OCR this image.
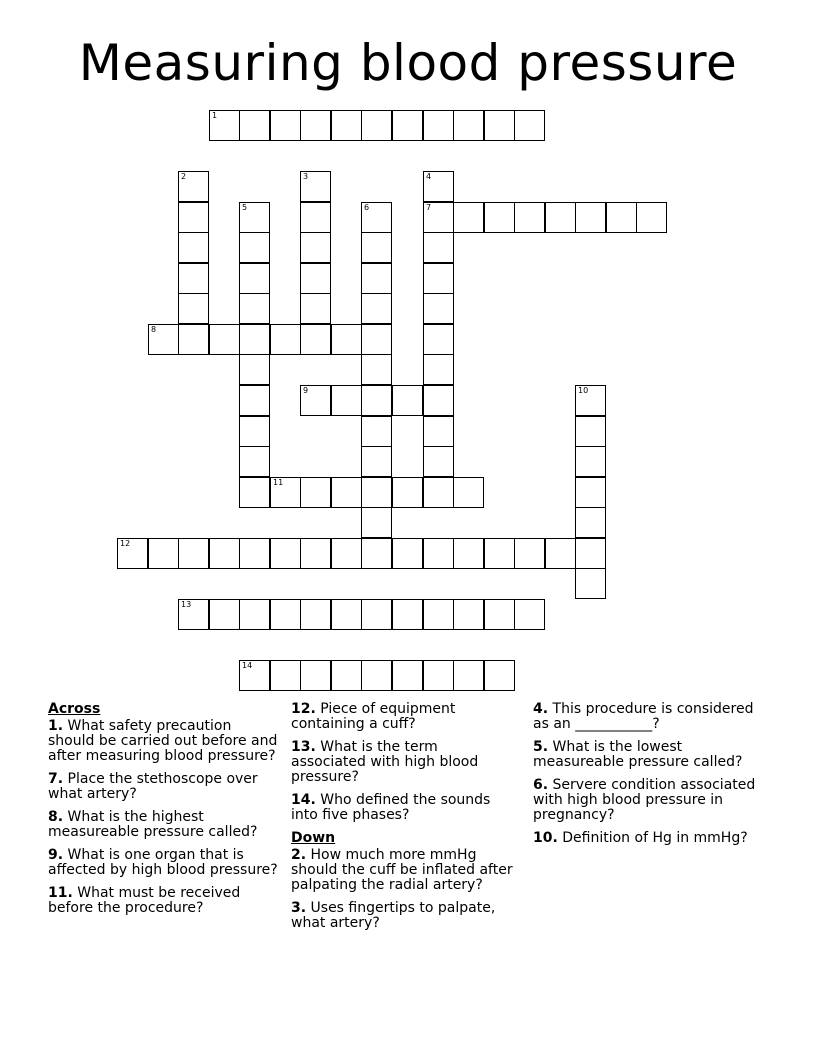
Measuring blood pressure
1
2	3	4
7
5	6
8
9	10
11
12
13
14
Across
1. What safety precaution should be carried out before and after measuring blood pressure?
7. Place the stethoscope over what artery?
8. What is the highest measureable pressure called?
9. What is one organ that is affected by high blood pressure?
11. What must be received before the procedure?
12. Piece of equipment containing a cuff?
13. What is the term associated with high blood pressure?
14. Who defined the sounds into five phases?
Down
2. How much more mmHg should the cuff be inflated after palpating the radial artery?
3. Uses fingertips to palpate, what artery?
4. This procedure is considered as an ___________?
5. What is the lowest measureable pressure called?
6. Servere condition associated with high blood pressure in pregnancy?
10. Definition of Hg in mmHg?
